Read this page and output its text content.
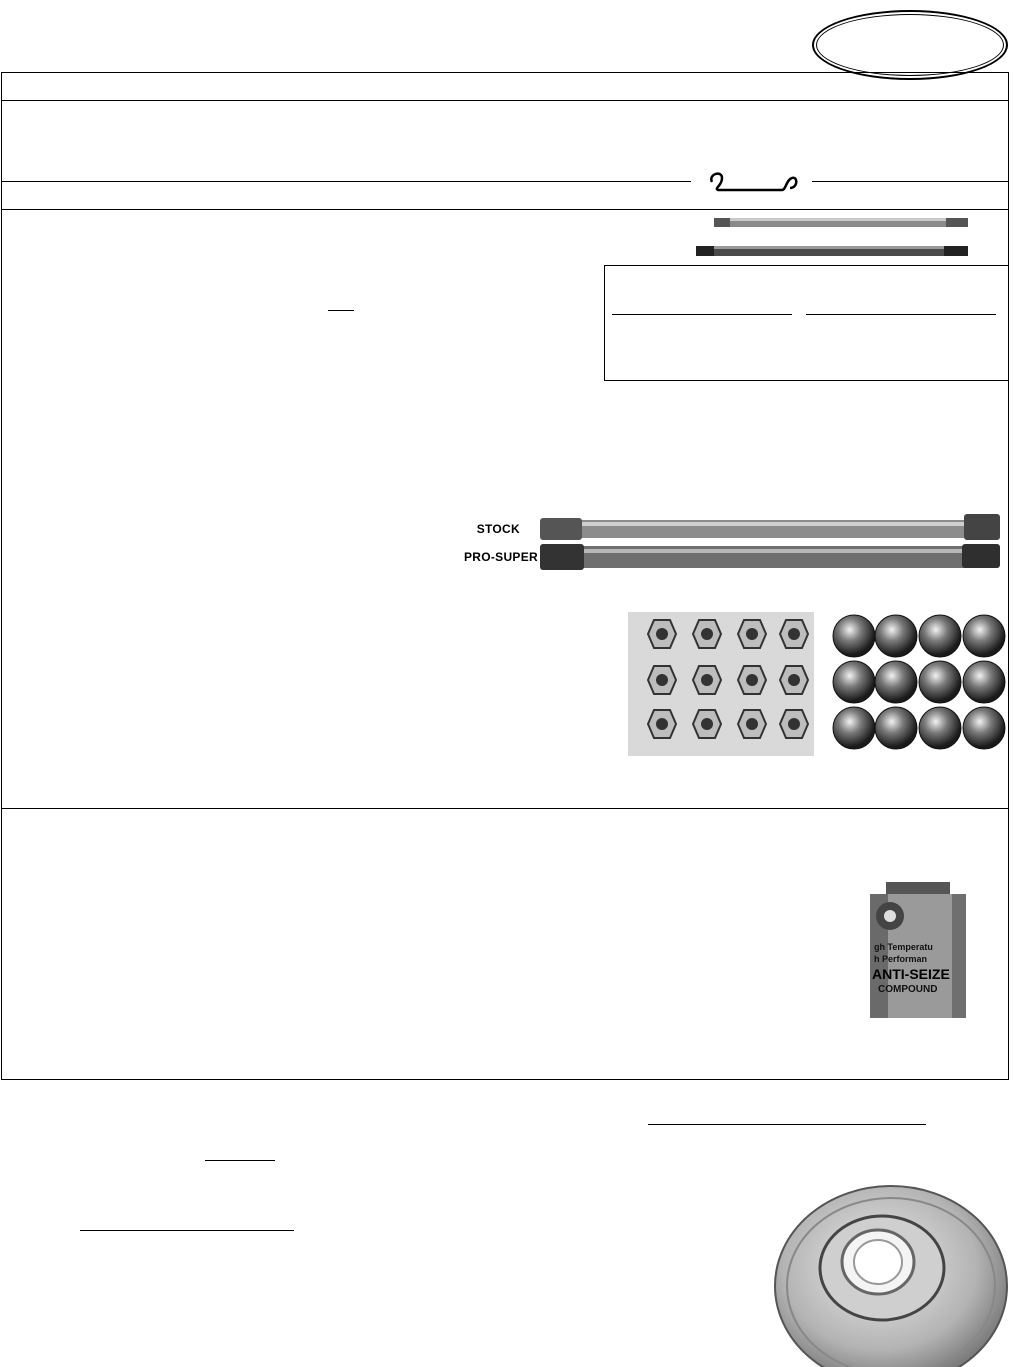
STOCK
PRO-SUPER
gh Temperatu
h Performan
ANTI-SEIZE
COMPOUND
